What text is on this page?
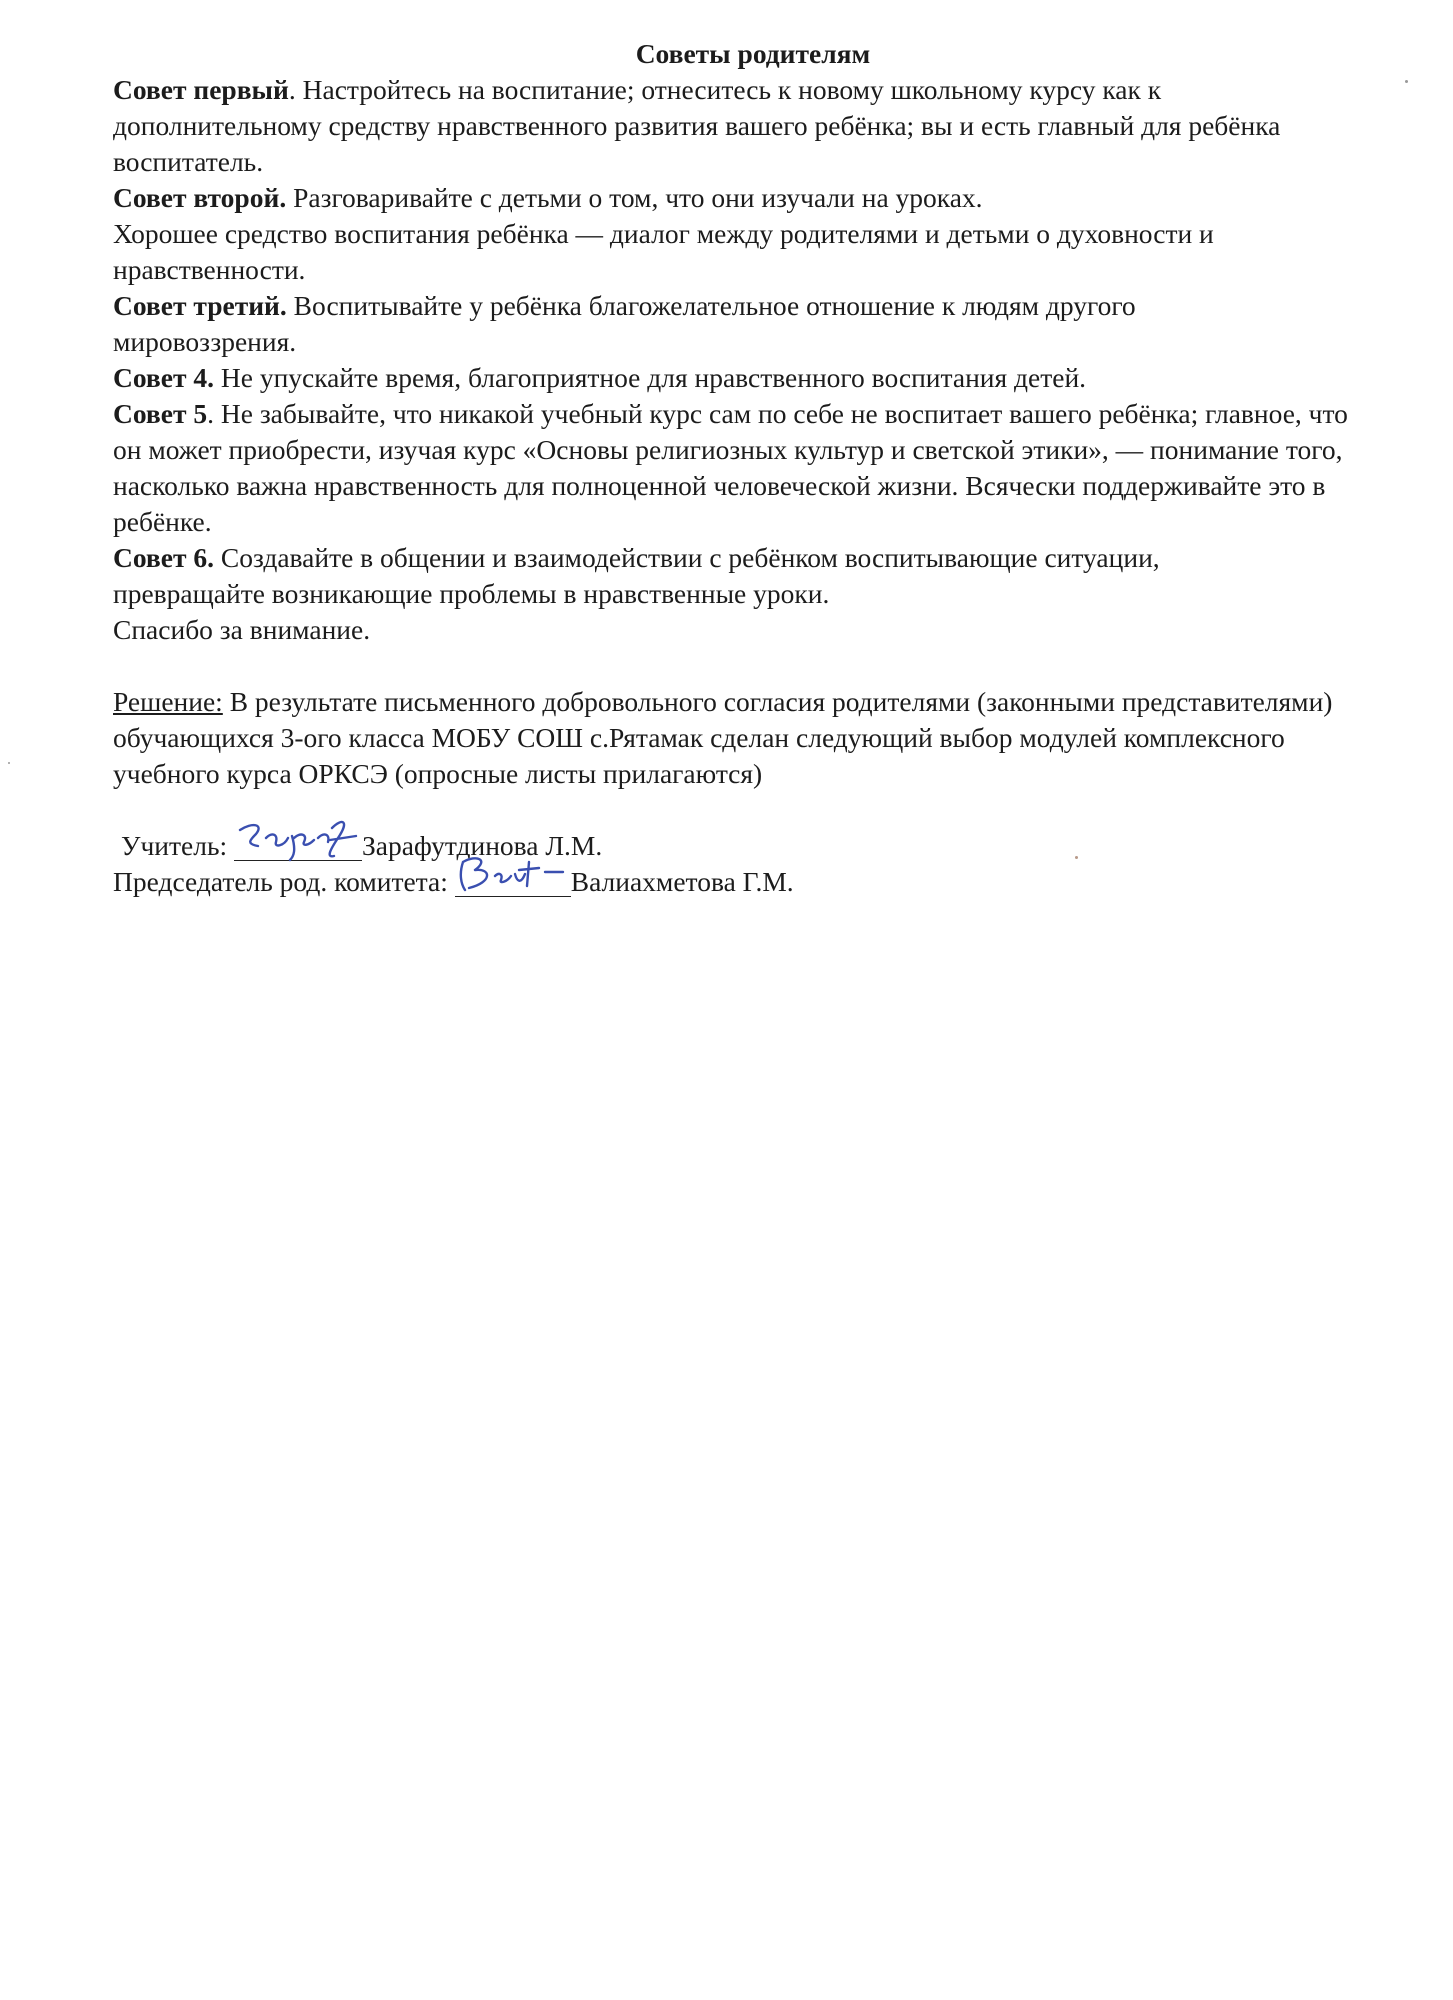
Советы родителям

Совет первый. Настройтесь на воспитание; отнеситесь к новому школьному курсу как к дополнительному средству нравственного развития вашего ребёнка; вы и есть главный для ребёнка воспитатель.

Совет второй. Разговаривайте с детьми о том, что они изучали на уроках.

Хорошее средство воспитания ребёнка — диалог между родителями и детьми о духовности и нравственности.

Совет третий. Воспитывайте у ребёнка благожелательное отношение к людям другого мировоззрения.

Совет 4. Не упускайте время, благоприятное для нравственного воспитания детей.

Совет 5. Не забывайте, что никакой учебный курс сам по себе не воспитает вашего ребёнка; главное, что он может приобрести, изучая курс «Основы религиозных культур и светской этики», — понимание того, насколько важна нравственность для полноценной человеческой жизни. Всячески поддерживайте это в ребёнке.

Совет 6. Создавайте в общении и взаимодействии с ребёнком воспитывающие ситуации, превращайте возникающие проблемы в нравственные уроки.

Спасибо за внимание.

Решение: В результате письменного добровольного согласия родителями (законными представителями) обучающихся 3-ого класса МОБУ СОШ с.Рятамак сделан следующий выбор модулей комплексного учебного курса ОРКСЭ (опросные листы прилагаются)

Учитель:	Зарафутдинова Л.М.

Председатель род. комитета:	Валиахметова Г.М.
